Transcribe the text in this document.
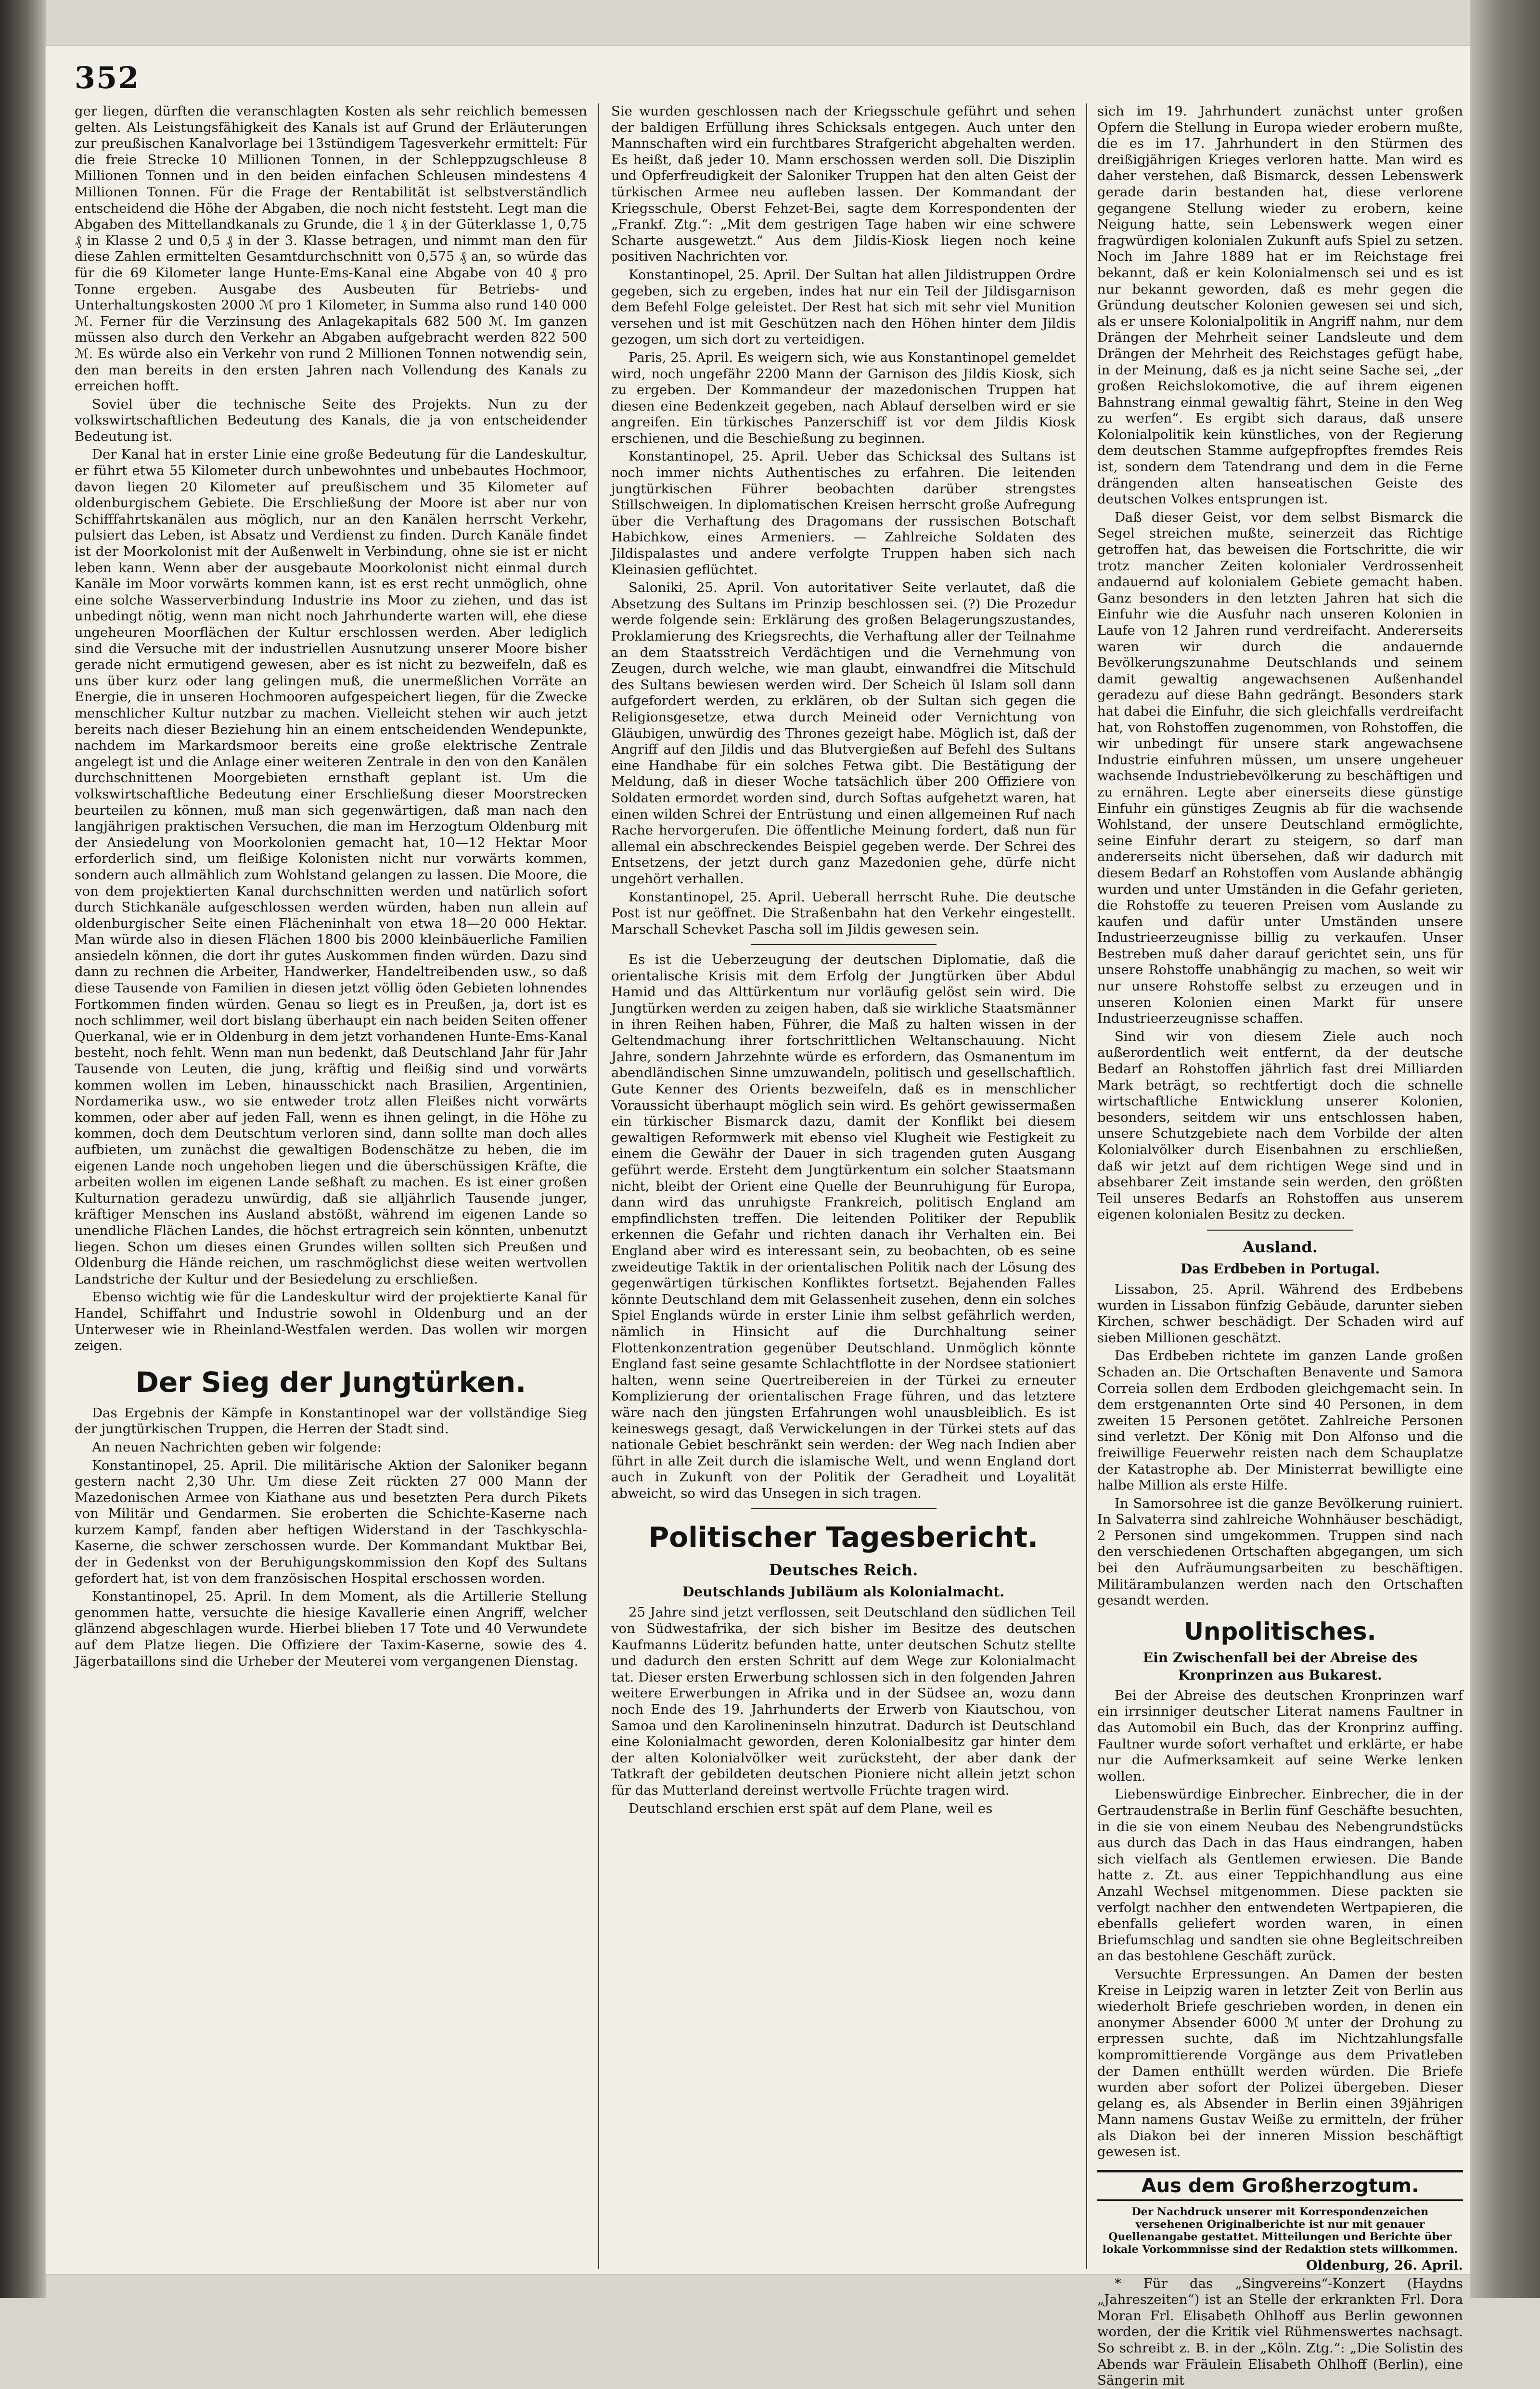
352

ger liegen, dürften die veranschlagten Kosten als sehr reichlich bemessen gelten. Als Leistungsfähigkeit des Kanals ist auf Grund der Erläuterungen zur preußischen Kanalvorlage bei 13stündigem Tagesverkehr ermittelt: Für die freie Strecke 10 Millionen Tonnen, in der Schleppzugschleuse 8 Millionen Tonnen und in den beiden einfachen Schleusen mindestens 4 Millionen Tonnen. Für die Frage der Rentabilität ist selbstverständlich entscheidend die Höhe der Abgaben, die noch nicht feststeht. Legt man die Abgaben des Mittellandkanals zu Grunde, die 1 ₰ in der Güterklasse 1, 0,75 ₰ in Klasse 2 und 0,5 ₰ in der 3. Klasse betragen, und nimmt man den für diese Zahlen ermittelten Gesamtdurchschnitt von 0,575 ₰ an, so würde das für die 69 Kilometer lange Hunte-Ems-Kanal eine Abgabe von 40 ₰ pro Tonne ergeben. Ausgabe des Ausbeuten für Betriebs- und Unterhaltungskosten 2000 ℳ pro 1 Kilometer, in Summa also rund 140 000 ℳ. Ferner für die Verzinsung des Anlagekapitals 682 500 ℳ. Im ganzen müssen also durch den Verkehr an Abgaben aufgebracht werden 822 500 ℳ. Es würde also ein Verkehr von rund 2 Millionen Tonnen notwendig sein, den man bereits in den ersten Jahren nach Vollendung des Kanals zu erreichen hofft.

Soviel über die technische Seite des Projekts. Nun zu der volkswirtschaftlichen Bedeutung des Kanals, die ja von entscheidender Bedeutung ist.

Der Kanal hat in erster Linie eine große Bedeutung für die Landeskultur, er führt etwa 55 Kilometer durch unbewohntes und unbebautes Hochmoor, davon liegen 20 Kilometer auf preußischem und 35 Kilometer auf oldenburgischem Gebiete. Die Erschließung der Moore ist aber nur von Schifffahrtskanälen aus möglich, nur an den Kanälen herrscht Verkehr, pulsiert das Leben, ist Absatz und Verdienst zu finden. Durch Kanäle findet ist der Moorkolonist mit der Außenwelt in Verbindung, ohne sie ist er nicht leben kann. Wenn aber der ausgebaute Moorkolonist nicht einmal durch Kanäle im Moor vorwärts kommen kann, ist es erst recht unmöglich, ohne eine solche Wasserverbindung Industrie ins Moor zu ziehen, und das ist unbedingt nötig, wenn man nicht noch Jahrhunderte warten will, ehe diese ungeheuren Moorflächen der Kultur erschlossen werden. Aber lediglich sind die Versuche mit der industriellen Ausnutzung unserer Moore bisher gerade nicht ermutigend gewesen, aber es ist nicht zu bezweifeln, daß es uns über kurz oder lang gelingen muß, die unermeßlichen Vorräte an Energie, die in unseren Hochmooren aufgespeichert liegen, für die Zwecke menschlicher Kultur nutzbar zu machen. Vielleicht stehen wir auch jetzt bereits nach dieser Beziehung hin an einem entscheidenden Wendepunkte, nachdem im Markardsmoor bereits eine große elektrische Zentrale angelegt ist und die Anlage einer weiteren Zentrale in den von den Kanälen durchschnittenen Moorgebieten ernsthaft geplant ist. Um die volkswirtschaftliche Bedeutung einer Erschließung dieser Moorstrecken beurteilen zu können, muß man sich gegenwärtigen, daß man nach den langjährigen praktischen Versuchen, die man im Herzogtum Oldenburg mit der Ansiedelung von Moorkolonien gemacht hat, 10—12 Hektar Moor erforderlich sind, um fleißige Kolonisten nicht nur vorwärts kommen, sondern auch allmählich zum Wohlstand gelangen zu lassen. Die Moore, die von dem projektierten Kanal durchschnitten werden und natürlich sofort durch Stichkanäle aufgeschlossen werden würden, haben nun allein auf oldenburgischer Seite einen Flächeninhalt von etwa 18—20 000 Hektar. Man würde also in diesen Flächen 1800 bis 2000 kleinbäuerliche Familien ansiedeln können, die dort ihr gutes Auskommen finden würden. Dazu sind dann zu rechnen die Arbeiter, Handwerker, Handeltreibenden usw., so daß diese Tausende von Familien in diesen jetzt völlig öden Gebieten lohnendes Fortkommen finden würden. Genau so liegt es in Preußen, ja, dort ist es noch schlimmer, weil dort bislang überhaupt ein nach beiden Seiten offener Querkanal, wie er in Oldenburg in dem jetzt vorhandenen Hunte-Ems-Kanal besteht, noch fehlt. Wenn man nun bedenkt, daß Deutschland Jahr für Jahr Tausende von Leuten, die jung, kräftig und fleißig sind und vorwärts kommen wollen im Leben, hinausschickt nach Brasilien, Argentinien, Nordamerika usw., wo sie entweder trotz allen Fleißes nicht vorwärts kommen, oder aber auf jeden Fall, wenn es ihnen gelingt, in die Höhe zu kommen, doch dem Deutschtum verloren sind, dann sollte man doch alles aufbieten, um zunächst die gewaltigen Bodenschätze zu heben, die im eigenen Lande noch ungehoben liegen und die überschüssigen Kräfte, die arbeiten wollen im eigenen Lande seßhaft zu machen. Es ist einer großen Kulturnation geradezu unwürdig, daß sie alljährlich Tausende junger, kräftiger Menschen ins Ausland abstößt, während im eigenen Lande so unendliche Flächen Landes, die höchst ertragreich sein könnten, unbenutzt liegen. Schon um dieses einen Grundes willen sollten sich Preußen und Oldenburg die Hände reichen, um raschmöglichst diese weiten wertvollen Landstriche der Kultur und der Besiedelung zu erschließen.

Ebenso wichtig wie für die Landeskultur wird der projektierte Kanal für Handel, Schiffahrt und Industrie sowohl in Oldenburg und an der Unterweser wie in Rheinland-Westfalen werden. Das wollen wir morgen zeigen.

Der Sieg der Jungtürken.

Das Ergebnis der Kämpfe in Konstantinopel war der vollständige Sieg der jungtürkischen Truppen, die Herren der Stadt sind.

An neuen Nachrichten geben wir folgende:

Konstantinopel, 25. April. Die militärische Aktion der Saloniker begann gestern nacht 2,30 Uhr. Um diese Zeit rückten 27 000 Mann der Mazedonischen Armee von Kiathane aus und besetzten Pera durch Pikets von Militär und Gendarmen. Sie eroberten die Schichte-Kaserne nach kurzem Kampf, fanden aber heftigen Widerstand in der Taschkyschla-Kaserne, die schwer zerschossen wurde. Der Kommandant Muktbar Bei, der in Gedenkst von der Beruhigungskommission den Kopf des Sultans gefordert hat, ist von dem französischen Hospital erschossen worden.

Konstantinopel, 25. April. In dem Moment, als die Artillerie Stellung genommen hatte, versuchte die hiesige Kavallerie einen Angriff, welcher glänzend abgeschlagen wurde. Hierbei blieben 17 Tote und 40 Verwundete auf dem Platze liegen. Die Offiziere der Taxim-Kaserne, sowie des 4. Jägerbataillons sind die Urheber der Meuterei vom vergangenen Dienstag.

Sie wurden geschlossen nach der Kriegsschule geführt und sehen der baldigen Erfüllung ihres Schicksals entgegen. Auch unter den Mannschaften wird ein furchtbares Strafgericht abgehalten werden. Es heißt, daß jeder 10. Mann erschossen werden soll. Die Disziplin und Opferfreudigkeit der Saloniker Truppen hat den alten Geist der türkischen Armee neu aufleben lassen. Der Kommandant der Kriegsschule, Oberst Fehzet-Bei, sagte dem Korrespondenten der „Frankf. Ztg.“: „Mit dem gestrigen Tage haben wir eine schwere Scharte ausgewetzt.“ Aus dem Jildis-Kiosk liegen noch keine positiven Nachrichten vor.

Konstantinopel, 25. April. Der Sultan hat allen Jildistruppen Ordre gegeben, sich zu ergeben, indes hat nur ein Teil der Jildisgarnison dem Befehl Folge geleistet. Der Rest hat sich mit sehr viel Munition versehen und ist mit Geschützen nach den Höhen hinter dem Jildis gezogen, um sich dort zu verteidigen.

Paris, 25. April. Es weigern sich, wie aus Konstantinopel gemeldet wird, noch ungefähr 2200 Mann der Garnison des Jildis Kiosk, sich zu ergeben. Der Kommandeur der mazedonischen Truppen hat diesen eine Bedenkzeit gegeben, nach Ablauf derselben wird er sie angreifen. Ein türkisches Panzerschiff ist vor dem Jildis Kiosk erschienen, und die Beschießung zu beginnen.

Konstantinopel, 25. April. Ueber das Schicksal des Sultans ist noch immer nichts Authentisches zu erfahren. Die leitenden jungtürkischen Führer beobachten darüber strengstes Stillschweigen. In diplomatischen Kreisen herrscht große Aufregung über die Verhaftung des Dragomans der russischen Botschaft Habichkow, eines Armeniers. — Zahlreiche Soldaten des Jildispalastes und andere verfolgte Truppen haben sich nach Kleinasien geflüchtet.

Saloniki, 25. April. Von autoritativer Seite verlautet, daß die Absetzung des Sultans im Prinzip beschlossen sei. (?) Die Prozedur werde folgende sein: Erklärung des großen Belagerungszustandes, Proklamierung des Kriegsrechts, die Verhaftung aller der Teilnahme an dem Staatsstreich Verdächtigen und die Vernehmung von Zeugen, durch welche, wie man glaubt, einwandfrei die Mitschuld des Sultans bewiesen werden wird. Der Scheich ül Islam soll dann aufgefordert werden, zu erklären, ob der Sultan sich gegen die Religionsgesetze, etwa durch Meineid oder Vernichtung von Gläubigen, unwürdig des Thrones gezeigt habe. Möglich ist, daß der Angriff auf den Jildis und das Blutvergießen auf Befehl des Sultans eine Handhabe für ein solches Fetwa gibt. Die Bestätigung der Meldung, daß in dieser Woche tatsächlich über 200 Offiziere von Soldaten ermordet worden sind, durch Softas aufgehetzt waren, hat einen wilden Schrei der Entrüstung und einen allgemeinen Ruf nach Rache hervorgerufen. Die öffentliche Meinung fordert, daß nun für allemal ein abschreckendes Beispiel gegeben werde. Der Schrei des Entsetzens, der jetzt durch ganz Mazedonien gehe, dürfe nicht ungehört verhallen.

Konstantinopel, 25. April. Ueberall herrscht Ruhe. Die deutsche Post ist nur geöffnet. Die Straßenbahn hat den Verkehr eingestellt. Marschall Schevket Pascha soll im Jildis gewesen sein.

Es ist die Ueberzeugung der deutschen Diplomatie, daß die orientalische Krisis mit dem Erfolg der Jungtürken über Abdul Hamid und das Alttürkentum nur vorläufig gelöst sein wird. Die Jungtürken werden zu zeigen haben, daß sie wirkliche Staatsmänner in ihren Reihen haben, Führer, die Maß zu halten wissen in der Geltendmachung ihrer fortschrittlichen Weltanschauung. Nicht Jahre, sondern Jahrzehnte würde es erfordern, das Osmanentum im abendländischen Sinne umzuwandeln, politisch und gesellschaftlich. Gute Kenner des Orients bezweifeln, daß es in menschlicher Voraussicht überhaupt möglich sein wird. Es gehört gewissermaßen ein türkischer Bismarck dazu, damit der Konflikt bei diesem gewaltigen Reformwerk mit ebenso viel Klugheit wie Festigkeit zu einem die Gewähr der Dauer in sich tragenden guten Ausgang geführt werde. Ersteht dem Jungtürkentum ein solcher Staatsmann nicht, bleibt der Orient eine Quelle der Beunruhigung für Europa, dann wird das unruhigste Frankreich, politisch England am empfindlichsten treffen. Die leitenden Politiker der Republik erkennen die Gefahr und richten danach ihr Verhalten ein. Bei England aber wird es interessant sein, zu beobachten, ob es seine zweideutige Taktik in der orientalischen Politik nach der Lösung des gegenwärtigen türkischen Konfliktes fortsetzt. Bejahenden Falles könnte Deutschland dem mit Gelassenheit zusehen, denn ein solches Spiel Englands würde in erster Linie ihm selbst gefährlich werden, nämlich in Hinsicht auf die Durchhaltung seiner Flottenkonzentration gegenüber Deutschland. Unmöglich könnte England fast seine gesamte Schlachtflotte in der Nordsee stationiert halten, wenn seine Quertreibereien in der Türkei zu erneuter Komplizierung der orientalischen Frage führen, und das letztere wäre nach den jüngsten Erfahrungen wohl unausbleiblich. Es ist keineswegs gesagt, daß Verwickelungen in der Türkei stets auf das nationale Gebiet beschränkt sein werden: der Weg nach Indien aber führt in alle Zeit durch die islamische Welt, und wenn England dort auch in Zukunft von der Politik der Geradheit und Loyalität abweicht, so wird das Unsegen in sich tragen.

Politischer Tagesbericht.
Deutsches Reich.
Deutschlands Jubiläum als Kolonialmacht.

25 Jahre sind jetzt verflossen, seit Deutschland den südlichen Teil von Südwestafrika, der sich bisher im Besitze des deutschen Kaufmanns Lüderitz befunden hatte, unter deutschen Schutz stellte und dadurch den ersten Schritt auf dem Wege zur Kolonialmacht tat. Dieser ersten Erwerbung schlossen sich in den folgenden Jahren weitere Erwerbungen in Afrika und in der Südsee an, wozu dann noch Ende des 19. Jahrhunderts der Erwerb von Kiautschou, von Samoa und den Karolineninseln hinzutrat. Dadurch ist Deutschland eine Kolonialmacht geworden, deren Kolonialbesitz gar hinter dem der alten Kolonialvölker weit zurücksteht, der aber dank der Tatkraft der gebildeten deutschen Pioniere nicht allein jetzt schon für das Mutterland dereinst wertvolle Früchte tragen wird.

Deutschland erschien erst spät auf dem Plane, weil es

sich im 19. Jahrhundert zunächst unter großen Opfern die Stellung in Europa wieder erobern mußte, die es im 17. Jahrhundert in den Stürmen des dreißigjährigen Krieges verloren hatte. Man wird es daher verstehen, daß Bismarck, dessen Lebenswerk gerade darin bestanden hat, diese verlorene gegangene Stellung wieder zu erobern, keine Neigung hatte, sein Lebenswerk wegen einer fragwürdigen kolonialen Zukunft aufs Spiel zu setzen. Noch im Jahre 1889 hat er im Reichstage frei bekannt, daß er kein Kolonialmensch sei und es ist nur bekannt geworden, daß es mehr gegen die Gründung deutscher Kolonien gewesen sei und sich, als er unsere Kolonialpolitik in Angriff nahm, nur dem Drängen der Mehrheit seiner Landsleute und dem Drängen der Mehrheit des Reichstages gefügt habe, in der Meinung, daß es ja nicht seine Sache sei, „der großen Reichslokomotive, die auf ihrem eigenen Bahnstrang einmal gewaltig fährt, Steine in den Weg zu werfen“. Es ergibt sich daraus, daß unsere Kolonialpolitik kein künstliches, von der Regierung dem deutschen Stamme aufgepfropftes fremdes Reis ist, sondern dem Tatendrang und dem in die Ferne drängenden alten hanseatischen Geiste des deutschen Volkes entsprungen ist.

Daß dieser Geist, vor dem selbst Bismarck die Segel streichen mußte, seinerzeit das Richtige getroffen hat, das beweisen die Fortschritte, die wir trotz mancher Zeiten kolonialer Verdrossenheit andauernd auf kolonialem Gebiete gemacht haben. Ganz besonders in den letzten Jahren hat sich die Einfuhr wie die Ausfuhr nach unseren Kolonien in Laufe von 12 Jahren rund verdreifacht. Andererseits waren wir durch die andauernde Bevölkerungszunahme Deutschlands und seinem damit gewaltig angewachsenen Außenhandel geradezu auf diese Bahn gedrängt. Besonders stark hat dabei die Einfuhr, die sich gleichfalls verdreifacht hat, von Rohstoffen zugenommen, von Rohstoffen, die wir unbedingt für unsere stark angewachsene Industrie einfuhren müssen, um unsere ungeheuer wachsende Industriebevölkerung zu beschäftigen und zu ernähren. Legte aber einerseits diese günstige Einfuhr ein günstiges Zeugnis ab für die wachsende Wohlstand, der unsere Deutschland ermöglichte, seine Einfuhr derart zu steigern, so darf man andererseits nicht übersehen, daß wir dadurch mit diesem Bedarf an Rohstoffen vom Auslande abhängig wurden und unter Umständen in die Gefahr gerieten, die Rohstoffe zu teueren Preisen vom Auslande zu kaufen und dafür unter Umständen unsere Industrieerzeugnisse billig zu verkaufen. Unser Bestreben muß daher darauf gerichtet sein, uns für unsere Rohstoffe unabhängig zu machen, so weit wir nur unsere Rohstoffe selbst zu erzeugen und in unseren Kolonien einen Markt für unsere Industrieerzeugnisse schaffen.

Sind wir von diesem Ziele auch noch außerordentlich weit entfernt, da der deutsche Bedarf an Rohstoffen jährlich fast drei Milliarden Mark beträgt, so rechtfertigt doch die schnelle wirtschaftliche Entwicklung unserer Kolonien, besonders, seitdem wir uns entschlossen haben, unsere Schutzgebiete nach dem Vorbilde der alten Kolonialvölker durch Eisenbahnen zu erschließen, daß wir jetzt auf dem richtigen Wege sind und in absehbarer Zeit imstande sein werden, den größten Teil unseres Bedarfs an Rohstoffen aus unserem eigenen kolonialen Besitz zu decken.

Ausland.
Das Erdbeben in Portugal.

Lissabon, 25. April. Während des Erdbebens wurden in Lissabon fünfzig Gebäude, darunter sieben Kirchen, schwer beschädigt. Der Schaden wird auf sieben Millionen geschätzt.

Das Erdbeben richtete im ganzen Lande großen Schaden an. Die Ortschaften Benavente und Samora Correia sollen dem Erdboden gleichgemacht sein. In dem erstgenannten Orte sind 40 Personen, in dem zweiten 15 Personen getötet. Zahlreiche Personen sind verletzt. Der König mit Don Alfonso und die freiwillige Feuerwehr reisten nach dem Schauplatze der Katastrophe ab. Der Ministerrat bewilligte eine halbe Million als erste Hilfe.

In Samorsohree ist die ganze Bevölkerung ruiniert. In Salvaterra sind zahlreiche Wohnhäuser beschädigt, 2 Personen sind umgekommen. Truppen sind nach den verschiedenen Ortschaften abgegangen, um sich bei den Aufräumungsarbeiten zu beschäftigen. Militärambulanzen werden nach den Ortschaften gesandt werden.

Unpolitisches.
Ein Zwischenfall bei der Abreise des Kronprinzen aus Bukarest.

Bei der Abreise des deutschen Kronprinzen warf ein irrsinniger deutscher Literat namens Faultner in das Automobil ein Buch, das der Kronprinz auffing. Faultner wurde sofort verhaftet und erklärte, er habe nur die Aufmerksamkeit auf seine Werke lenken wollen.

Liebenswürdige Einbrecher. Einbrecher, die in der Gertraudenstraße in Berlin fünf Geschäfte besuchten, in die sie von einem Neubau des Nebengrundstücks aus durch das Dach in das Haus eindrangen, haben sich vielfach als Gentlemen erwiesen. Die Bande hatte z. Zt. aus einer Teppichhandlung aus eine Anzahl Wechsel mitgenommen. Diese packten sie verfolgt nachher den entwendeten Wertpapieren, die ebenfalls geliefert worden waren, in einen Briefumschlag und sandten sie ohne Begleitschreiben an das bestohlene Geschäft zurück.

Versuchte Erpressungen. An Damen der besten Kreise in Leipzig waren in letzter Zeit von Berlin aus wiederholt Briefe geschrieben worden, in denen ein anonymer Absender 6000 ℳ unter der Drohung zu erpressen suchte, daß im Nichtzahlungsfalle kompromittierende Vorgänge aus dem Privatleben der Damen enthüllt werden würden. Die Briefe wurden aber sofort der Polizei übergeben. Dieser gelang es, als Absender in Berlin einen 39jährigen Mann namens Gustav Weiße zu ermitteln, der früher als Diakon bei der inneren Mission beschäftigt gewesen ist.

Aus dem Großherzogtum.

Der Nachdruck unserer mit Korrespondenzeichen versehenen Originalberichte ist nur mit genauer Quellenangabe gestattet. Mitteilungen und Berichte über lokale Vorkommnisse sind der Redaktion stets willkommen.

Oldenburg, 26. April.

* Für das „Singvereins“-Konzert (Haydns „Jahreszeiten“) ist an Stelle der erkrankten Frl. Dora Moran Frl. Elisabeth Ohlhoff aus Berlin gewonnen worden, der die Kritik viel Rühmenswertes nachsagt. So schreibt z. B. in der „Köln. Ztg.“: „Die Solistin des Abends war Fräulein Elisabeth Ohlhoff (Berlin), eine Sängerin mit
